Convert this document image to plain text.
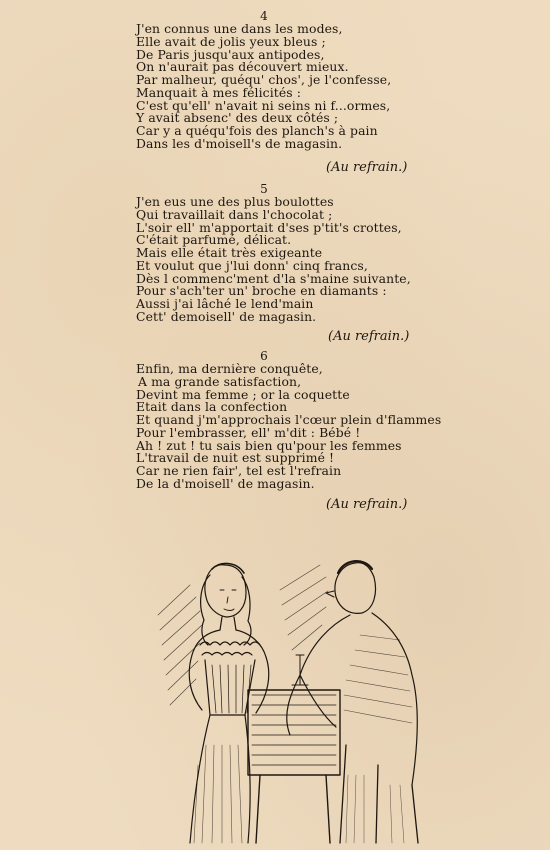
4
J'en connus une dans les modes,
Elle avait de jolis yeux bleus ;
De Paris jusqu'aux antipodes,
On n'aurait pas découvert mieux.
Par malheur, quéqu' chos', je l'confesse,
Manquait à mes félicités :
C'est qu'ell' n'avait ni seins ni f...ormes,
Y avait absenc' des deux côtés ;
Car y a quéqu'fois des planch's à pain
Dans les d'moisell's de magasin.
(Au refrain.)
5
J'en eus une des plus boulottes
Qui travaillait dans l'chocolat ;
L'soir ell' m'apportait d'ses p'tit's crottes,
C'était parfumé, délicat.
Mais elle était très exigeante
Et voulut que j'lui donn' cinq francs,
Dès l commenc'ment d'la s'maine suivante,
Pour s'ach'ter un' broche en diamants :
Aussi j'ai lâché le lend'main
Cett' demoisell' de magasin.
(Au refrain.)
6
Enfin, ma dernière conquête,
A ma grande satisfaction,
Devint ma femme ; or la coquette
Etait dans la confection
Et quand j'm'approchais l'cœur plein d'flammes
Pour l'embrasser, ell' m'dit : Bébé !
Ah ! zut ! tu sais bien qu'pour les femmes
L'travail de nuit est supprimé !
Car ne rien fair', tel est l'refrain
De la d'moisell' de magasin.
(Au refrain.)
